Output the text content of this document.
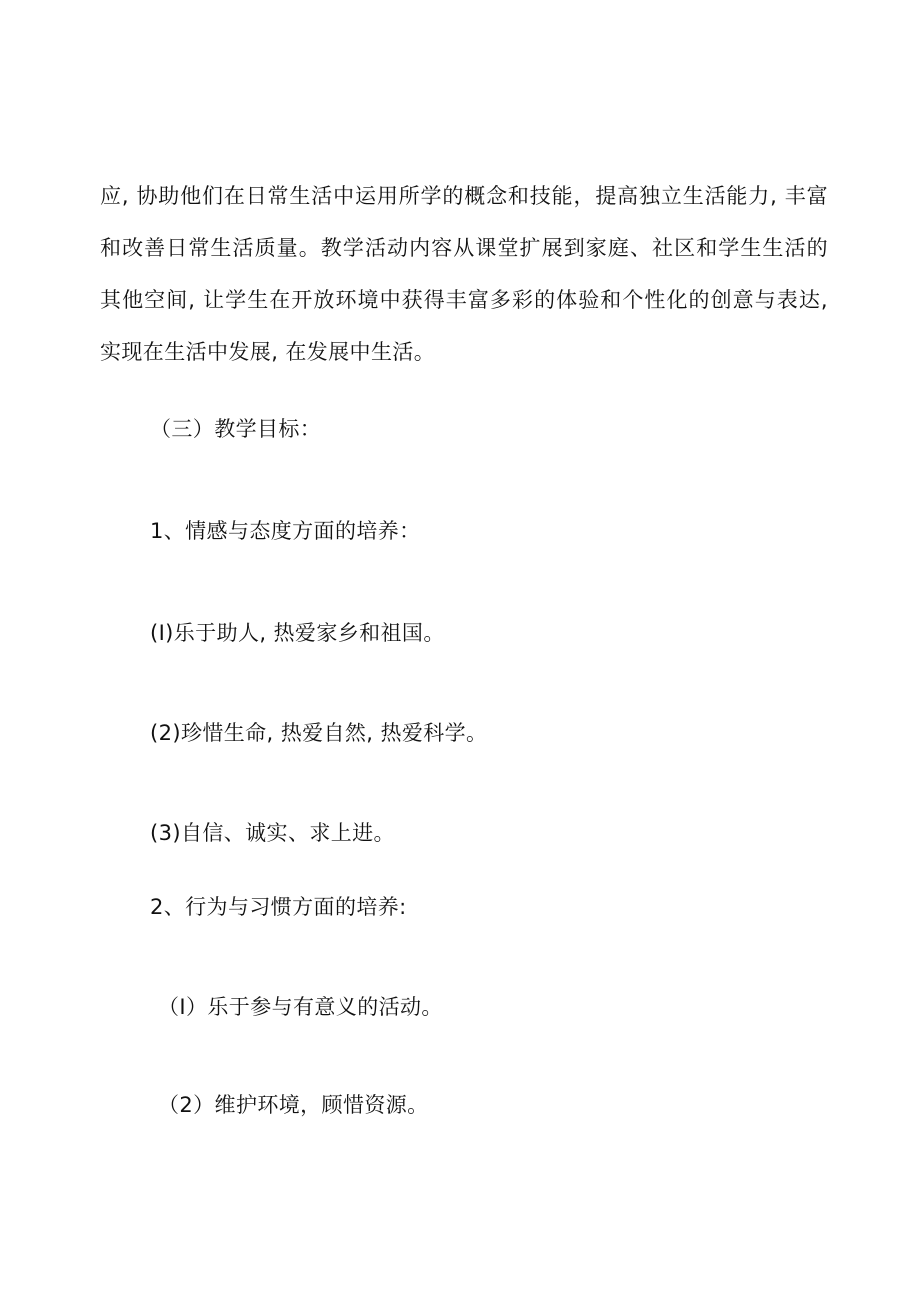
应, 协助他们在日常生活中运用所学的概念和技能，提高独立生活能力, 丰富
和改善日常生活质量。教学活动内容从课堂扩展到家庭、社区和学生生活的
其他空间, 让学生在开放环境中获得丰富多彩的体验和个性化的创意与表达,
实现在生活中发展, 在发展中生活。

（三）教学目标：

1、情感与态度方面的培养：

(I)乐于助人, 热爱家乡和祖国。

(2)珍惜生命, 热爱自然, 热爱科学。

(3)自信、诚实、求上进。

2、行为与习惯方面的培养:

（I）乐于参与有意义的活动。

（2）维护环境，顾惜资源。
